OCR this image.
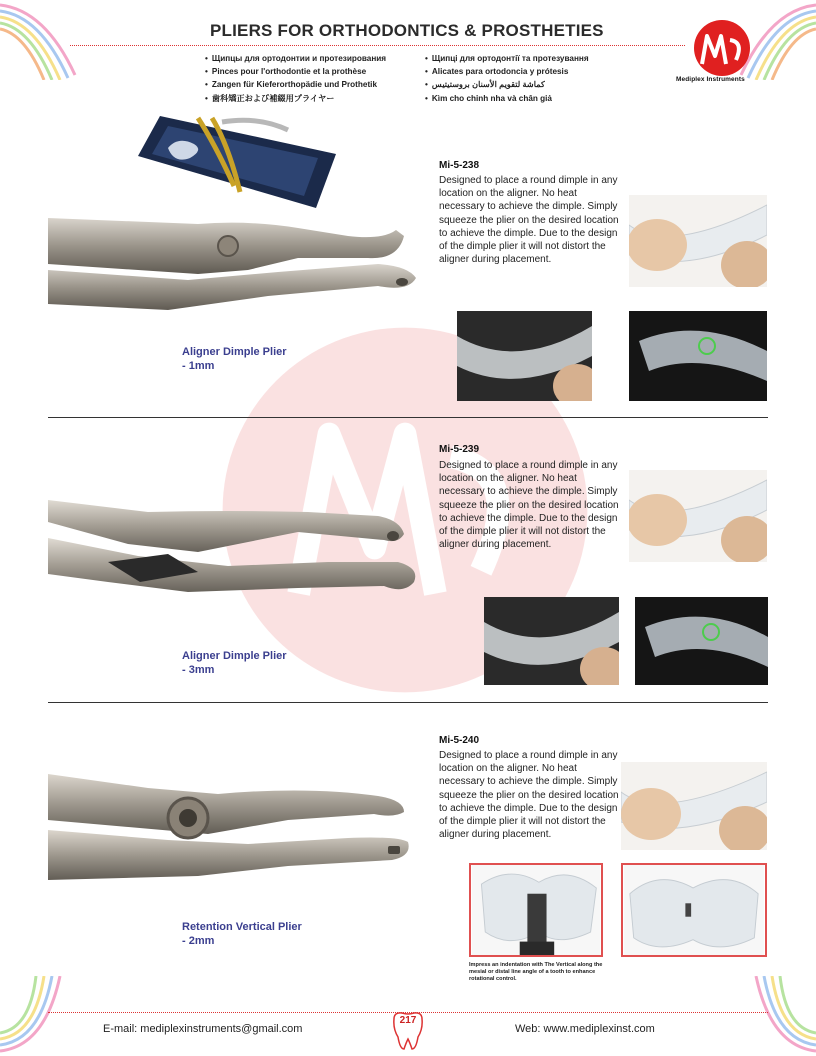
PLIERS FOR ORTHODONTICS & PROSTHETIES
• Щипцы для ортодонтии и протезирования
• Pinces pour l'orthodontie et la prothèse
• Zangen für Kieferorthopädie und Prothetik
• 歯科矯正および補綴用プライヤー
• Щипці для ортодонтії та протезування
• Alicates para ortodoncia y prótesis
• كماشة لتقويم الأسنان بروستيتيس
• Kìm cho chỉnh nha và chân giả
Mediplex Instruments
Mi-5-238
Designed to place a round dimple in any location on the aligner. No heat necessary to achieve the dimple. Simply squeeze the plier on the desired location to achieve the dimple. Due to the design of the dimple plier it will not distort the aligner during placement.
Aligner Dimple Plier
- 1mm
Mi-5-239
Designed to place a round dimple in any location on the aligner. No heat necessary to achieve the dimple. Simply squeeze the plier on the desired location to achieve the dimple. Due to the design of the dimple plier it will not distort the aligner during placement.
Aligner Dimple Plier
- 3mm
Mi-5-240
Designed to place a round dimple in any location on the aligner. No heat necessary to achieve the dimple. Simply squeeze the plier on the desired location to achieve the dimple. Due to the design of the dimple plier it will not distort the aligner during placement.
Impress an indentation with The Vertical along the mesial or distal line angle of a tooth to enhance rotational control.
Retention Vertical Plier
- 2mm
E-mail: mediplexinstruments@gmail.com
217
Web: www.mediplexinst.com
